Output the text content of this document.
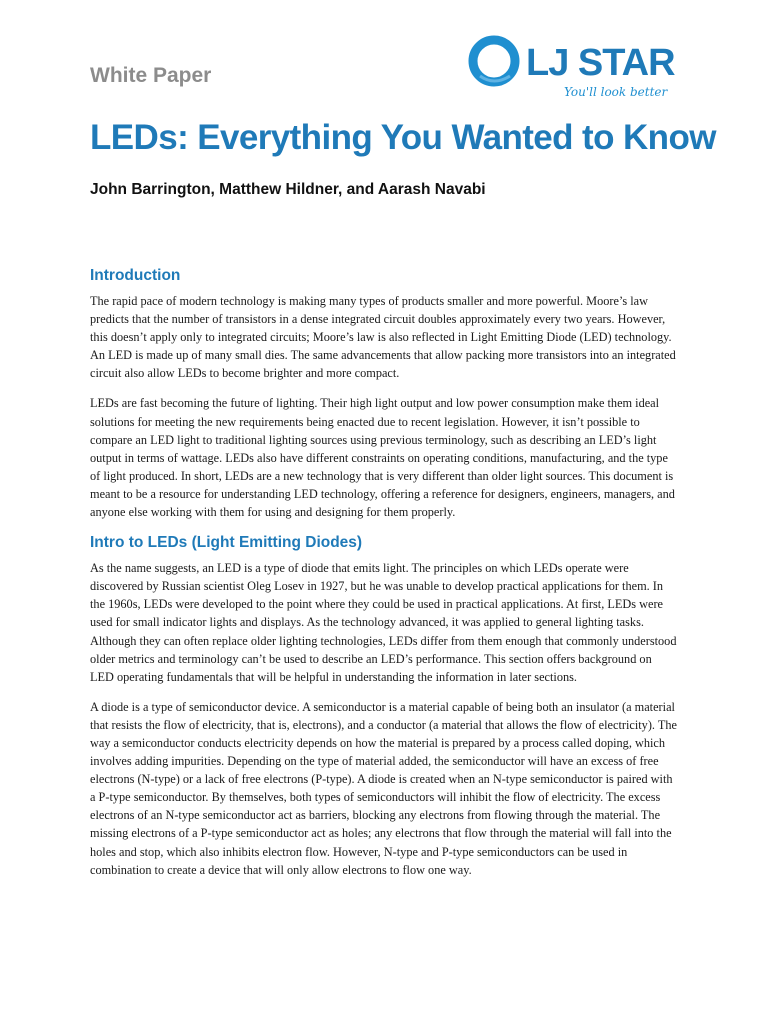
White Paper	LJ STAR
You'll look better
LEDs: Everything You Wanted to Know

John Barrington, Matthew Hildner, and Aarash Navabi

Introduction

The rapid pace of modern technology is making many types of products smaller and more powerful. Moore’s law predicts that the number of transistors in a dense integrated circuit doubles approximately every two years. However, this doesn’t apply only to integrated circuits; Moore’s law is also reflected in Light Emitting Diode (LED) technology. An LED is made up of many small dies. The same advancements that allow packing more transistors into an integrated circuit also allow LEDs to become brighter and more compact.

LEDs are fast becoming the future of lighting. Their high light output and low power consumption make them ideal solutions for meeting the new requirements being enacted due to recent legislation. However, it isn’t possible to compare an LED light to traditional lighting sources using previous terminology, such as describing an LED’s light output in terms of wattage. LEDs also have different constraints on operating conditions, manufacturing, and the type of light produced. In short, LEDs are a new technology that is very different than older light sources. This document is meant to be a resource for understanding LED technology, offering a reference for designers, engineers, managers, and anyone else working with them for using and designing for them properly.

Intro to LEDs (Light Emitting Diodes)

As the name suggests, an LED is a type of diode that emits light. The principles on which LEDs operate were discovered by Russian scientist Oleg Losev in 1927, but he was unable to develop practical applications for them. In the 1960s, LEDs were developed to the point where they could be used in practical applications. At first, LEDs were used for small indicator lights and displays. As the technology advanced, it was applied to general lighting tasks. Although they can often replace older lighting technologies, LEDs differ from them enough that commonly understood older metrics and terminology can’t be used to describe an LED’s performance. This section offers background on LED operating fundamentals that will be helpful in understanding the information in later sections.

A diode is a type of semiconductor device. A semiconductor is a material capable of being both an insulator (a material that resists the flow of electricity, that is, electrons), and a conductor (a material that allows the flow of electricity). The way a semiconductor conducts electricity depends on how the material is prepared by a process called doping, which involves adding impurities. Depending on the type of material added, the semiconductor will have an excess of free electrons (N-type) or a lack of free electrons (P-type). A diode is created when an N-type semiconductor is paired with a P-type semiconductor. By themselves, both types of semiconductors will inhibit the flow of electricity. The excess electrons of an N-type semiconductor act as barriers, blocking any electrons from flowing through the material. The missing electrons of a P-type semiconductor act as holes; any electrons that flow through the material will fall into the holes and stop, which also inhibits electron flow. However, N-type and P-type semiconductors can be used in combination to create a device that will only allow electrons to flow one way.
